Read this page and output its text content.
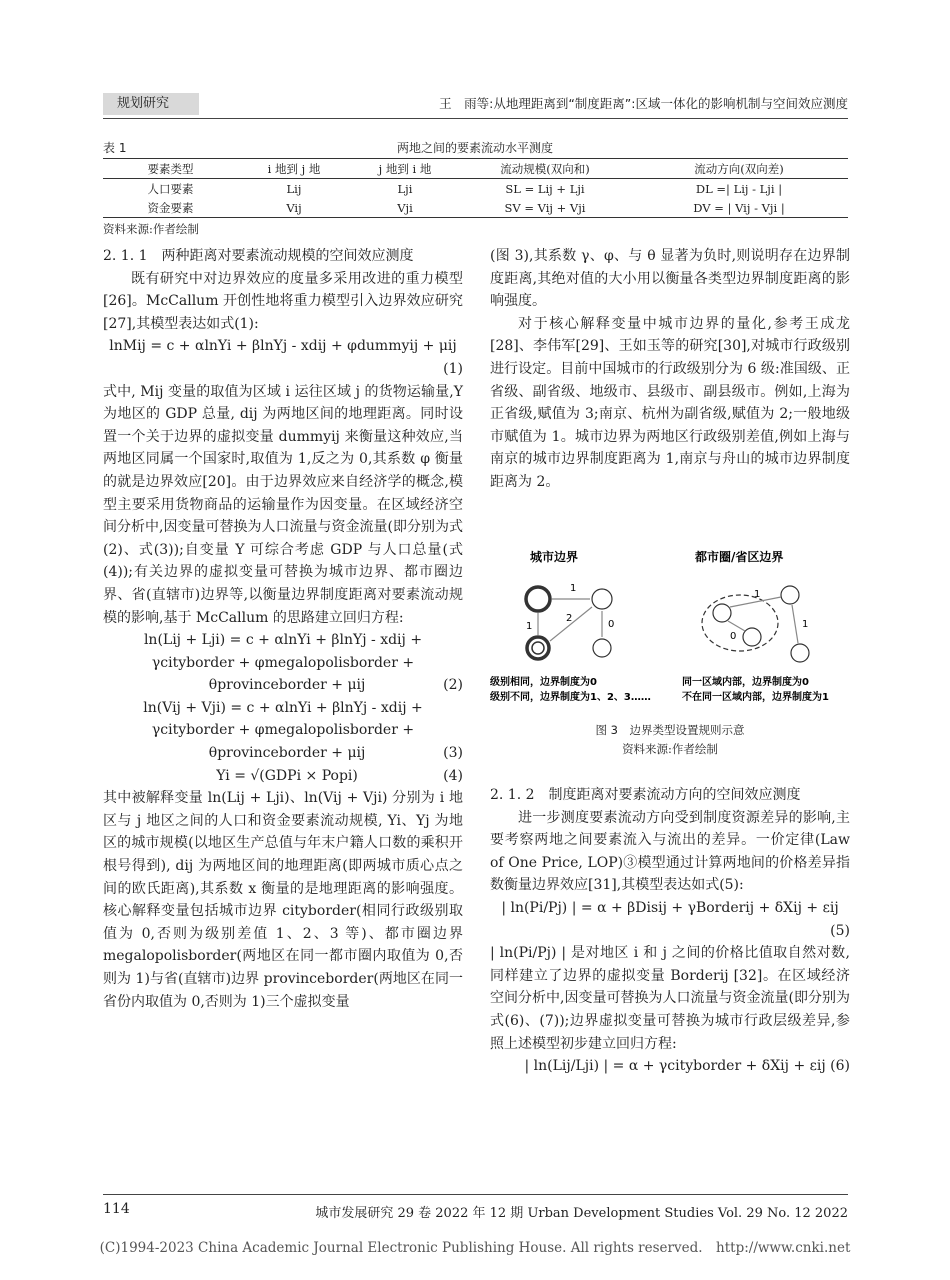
规划研究	王　雨等:从地理距离到“制度距离”:区域一体化的影响机制与空间效应测度
表 1	两地之间的要素流动水平测度
要素类型	i 地到 j 地	j 地到 i 地	流动规模(双向和)	流动方向(双向差)
人口要素	Lij	Lji	SL = Lij + Lji	DL =| Lij - Lji |
资金要素	Vij	Vji	SV = Vij + Vji	DV = | Vij - Vji |
资料来源:作者绘制

2. 1. 1　两种距离对要素流动规模的空间效应测度

既有研究中对边界效应的度量多采用改进的重力模型[26]。McCallum 开创性地将重力模型引入边界效应研究[27],其模型表达如式(1):

lnMij = c + αlnYi + βlnYj - xdij + φdummyij + μij

(1)

式中, Mij 变量的取值为区域 i 运往区域 j 的货物运输量,Y 为地区的 GDP 总量, dij 为两地区间的地理距离。同时设置一个关于边界的虚拟变量 dummyij 来衡量这种效应,当两地区同属一个国家时,取值为 1,反之为 0,其系数 φ 衡量的就是边界效应[20]。由于边界效应来自经济学的概念,模型主要采用货物商品的运输量作为因变量。在区域经济空间分析中,因变量可替换为人口流量与资金流量(即分别为式(2)、式(3));自变量 Y 可综合考虑 GDP 与人口总量(式(4));有关边界的虚拟变量可替换为城市边界、都市圈边界、省(直辖市)边界等,以衡量边界制度距离对要素流动规模的影响,基于 McCallum 的思路建立回归方程:

ln(Lij + Lji) = c + αlnYi + βlnYj - xdij +

γcityborder + φmegalopolisborder +

θprovinceborder + μij	(2)

ln(Vij + Vji) = c + αlnYi + βlnYj - xdij +

γcityborder + φmegalopolisborder +

θprovinceborder + μij	(3)
Yi = √(GDPi × Popi)	(4)

其中被解释变量 ln(Lij + Lji)、ln(Vij + Vji) 分别为 i 地区与 j 地区之间的人口和资金要素流动规模, Yi、Yj 为地区的城市规模(以地区生产总值与年末户籍人口数的乘积开根号得到), dij 为两地区间的地理距离(即两城市质心点之间的欧氏距离),其系数 x 衡量的是地理距离的影响强度。核心解释变量包括城市边界 cityborder(相同行政级别取值为 0,否则为级别差值 1、2、3 等)、都市圈边界 megalopolisborder(两地区在同一都市圈内取值为 0,否则为 1)与省(直辖市)边界 provinceborder(两地区在同一省份内取值为 0,否则为 1)三个虚拟变量

(图 3),其系数 γ、φ、与 θ 显著为负时,则说明存在边界制度距离,其绝对值的大小用以衡量各类型边界制度距离的影响强度。

对于核心解释变量中城市边界的量化,参考王成龙[28]、李伟军[29]、王如玉等的研究[30],对城市行政级别进行设定。目前中国城市的行政级别分为 6 级:准国级、正省级、副省级、地级市、县级市、副县级市。例如,上海为正省级,赋值为 3;南京、杭州为副省级,赋值为 2;一般地级市赋值为 1。城市边界为两地区行政级别差值,例如上海与南京的城市边界制度距离为 1,南京与舟山的城市边界制度距离为 2。

城市边界	都市圈/省区边界
1
2
0
1
1
0
1
级别相同，边界制度为0
级别不同，边界制度为1、2、3……
同一区域内部，边界制度为0
不在同一区域内部，边界制度为1
图 3　边界类型设置规则示意
资料来源:作者绘制

2. 1. 2　制度距离对要素流动方向的空间效应测度

进一步测度要素流动方向受到制度资源差异的影响,主要考察两地之间要素流入与流出的差异。一价定律(Law of One Price, LOP)③模型通过计算两地间的价格差异指数衡量边界效应[31],其模型表达如式(5):

| ln(Pi/Pj) | = α + βDisij + γBorderij + δXij + εij

(5)

| ln(Pi/Pj) | 是对地区 i 和 j 之间的价格比值取自然对数,同样建立了边界的虚拟变量 Borderij [32]。在区域经济空间分析中,因变量可替换为人口流量与资金流量(即分别为式(6)、(7));边界虚拟变量可替换为城市行政层级差异,参照上述模型初步建立回归方程:

| ln(Lij/Lji) | = α + γcityborder + δXij + εij (6)

114	城市发展研究 29 卷 2022 年 12 期 Urban Development Studies Vol. 29 No. 12 2022
(C)1994-2023 China Academic Journal Electronic Publishing House. All rights reserved.　http://www.cnki.net
